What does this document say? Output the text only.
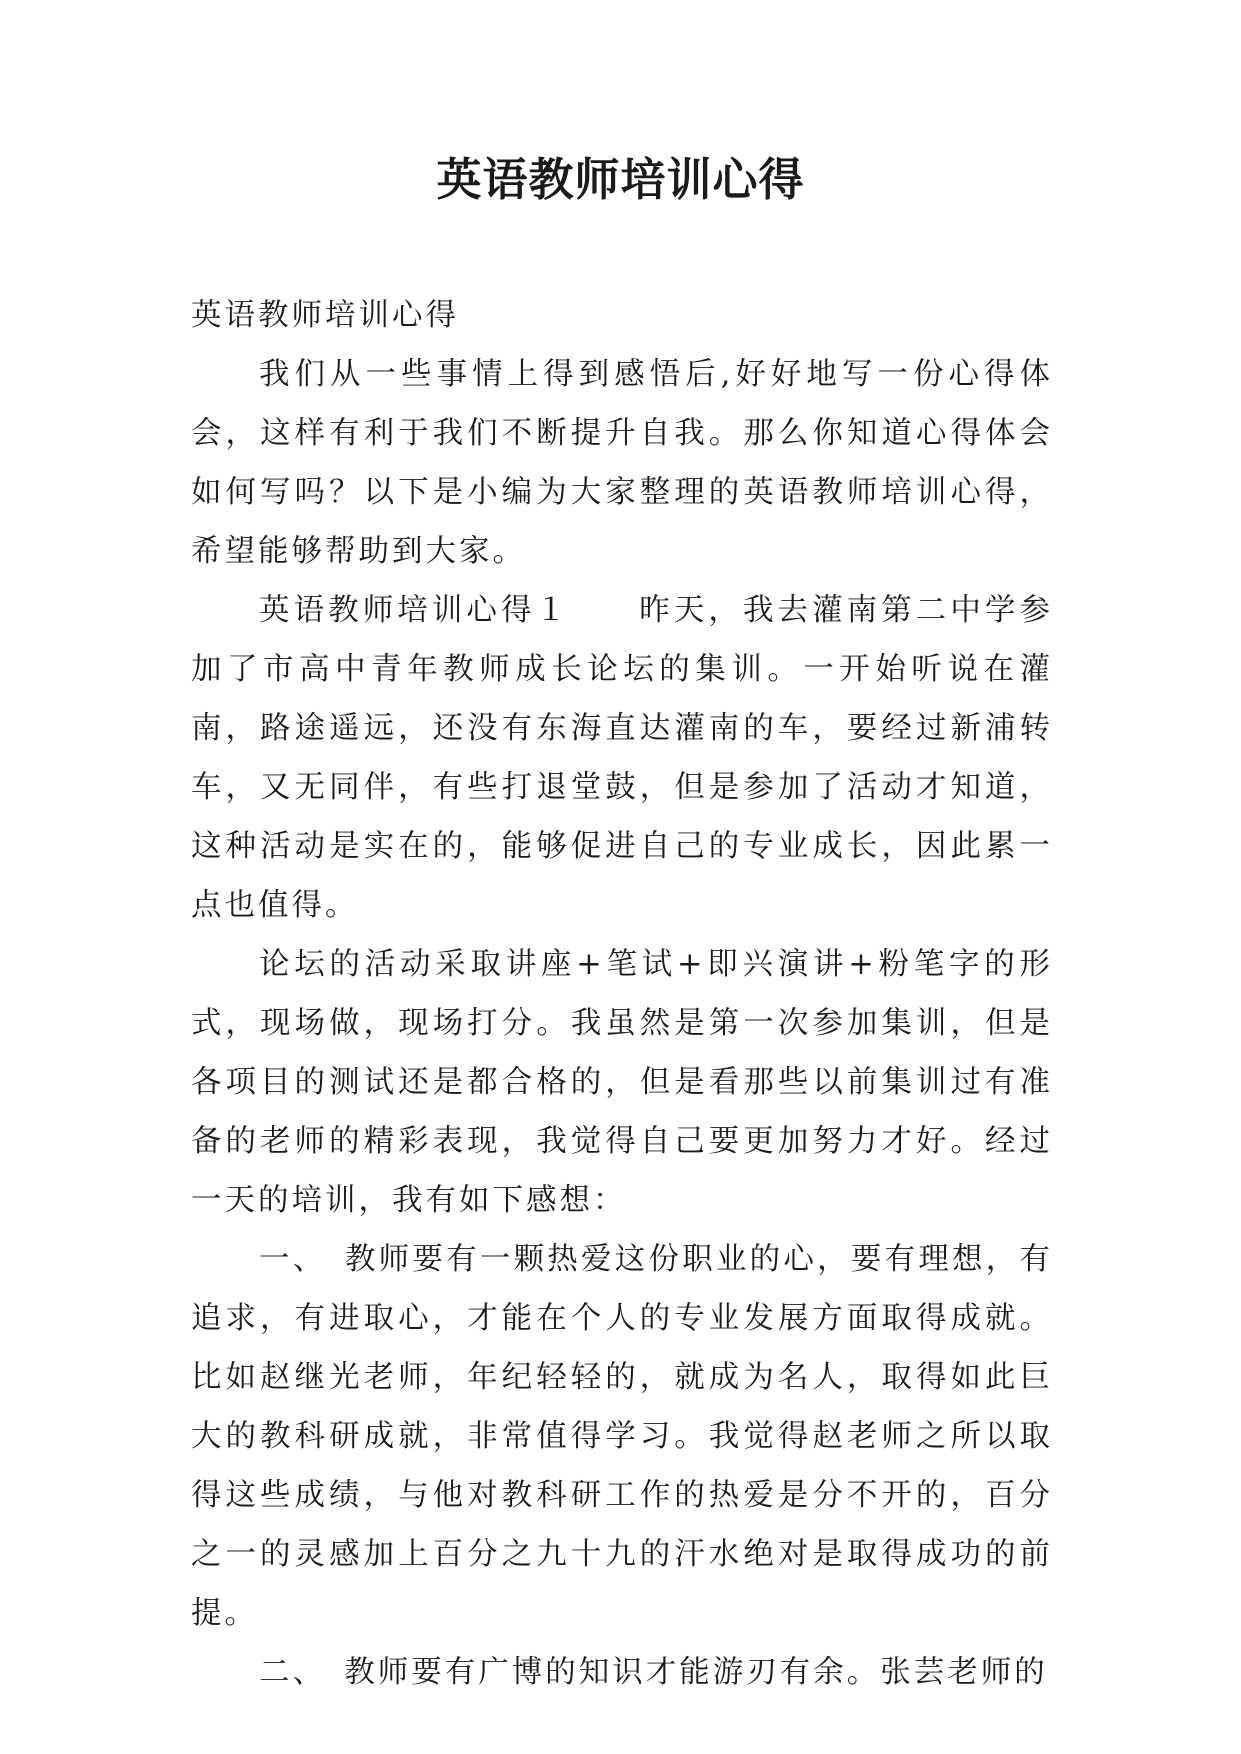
英语教师培训心得

英语教师培训心得

我们从一些事情上得到感悟后,好好地写一份心得体会，这样有利于我们不断提升自我。那么你知道心得体会如何写吗？以下是小编为大家整理的英语教师培训心得，希望能够帮助到大家。

英语教师培训心得１　　昨天，我去灌南第二中学参加了市高中青年教师成长论坛的集训。一开始听说在灌南，路途遥远，还没有东海直达灌南的车，要经过新浦转车，又无同伴，有些打退堂鼓，但是参加了活动才知道，这种活动是实在的，能够促进自己的专业成长，因此累一点也值得。

论坛的活动采取讲座+笔试+即兴演讲+粉笔字的形式，现场做，现场打分。我虽然是第一次参加集训，但是各项目的测试还是都合格的，但是看那些以前集训过有准备的老师的精彩表现，我觉得自己要更加努力才好。经过一天的培训，我有如下感想：

一、　教师要有一颗热爱这份职业的心，要有理想，有追求，有进取心，才能在个人的专业发展方面取得成就。比如赵继光老师，年纪轻轻的，就成为名人，取得如此巨大的教科研成就，非常值得学习。我觉得赵老师之所以取得这些成绩，与他对教科研工作的热爱是分不开的，百分之一的灵感加上百分之九十九的汗水绝对是取得成功的前提。

二、　教师要有广博的知识才能游刃有余。张芸老师的
